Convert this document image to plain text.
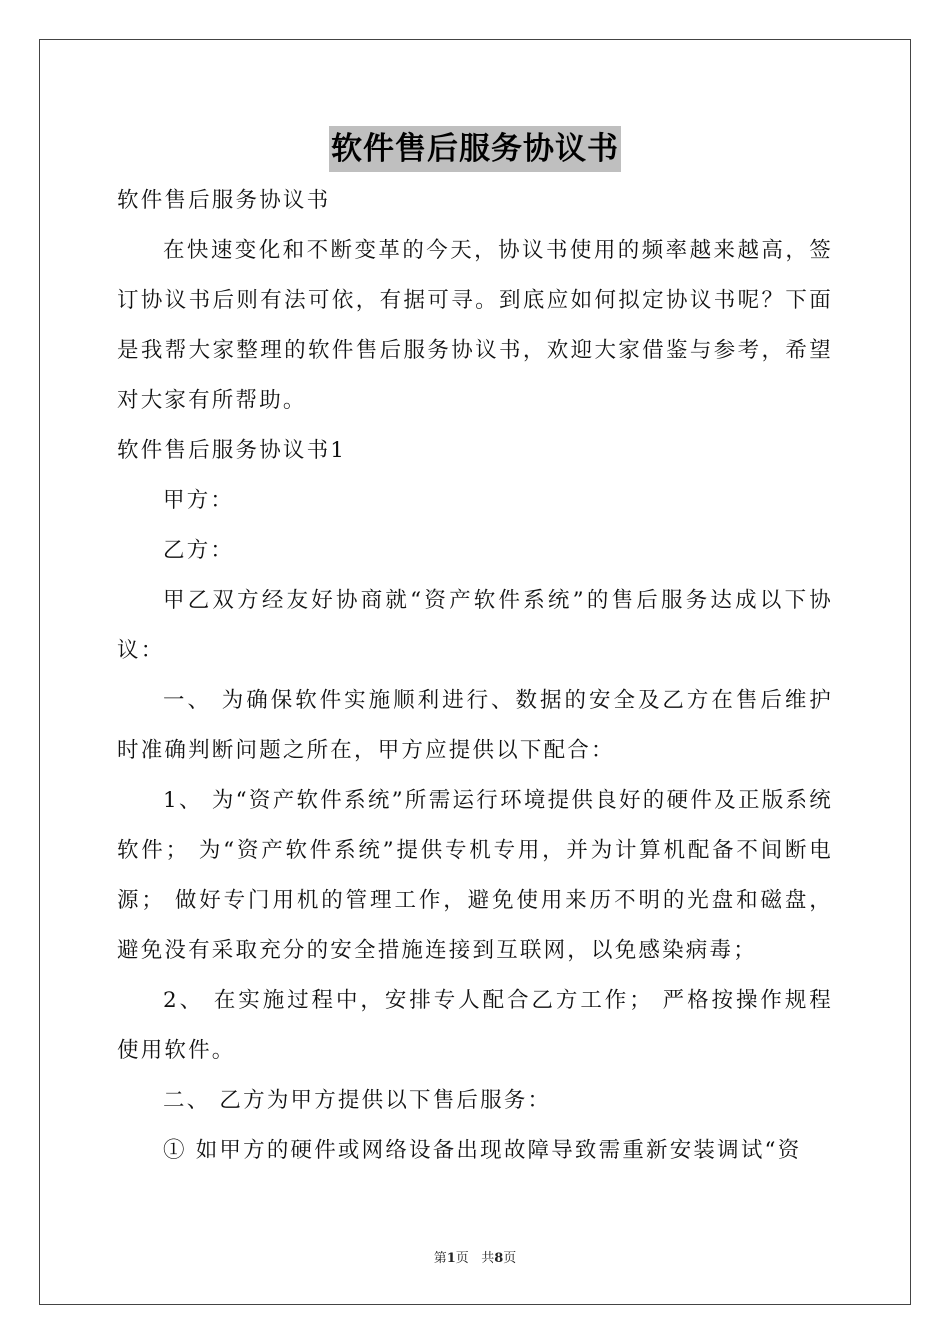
软件售后服务协议书

软件售后服务协议书

在快速变化和不断变革的今天，协议书使用的频率越来越高，签订协议书后则有法可依，有据可寻。到底应如何拟定协议书呢？下面是我帮大家整理的软件售后服务协议书，欢迎大家借鉴与参考，希望对大家有所帮助。

软件售后服务协议书1

甲方：

乙方：

甲乙双方经友好协商就“资产软件系统”的售后服务达成以下协议：

一、 为确保软件实施顺利进行、数据的安全及乙方在售后维护时准确判断问题之所在，甲方应提供以下配合：

1、 为“资产软件系统”所需运行环境提供良好的硬件及正版系统软件； 为“资产软件系统”提供专机专用，并为计算机配备不间断电源； 做好专门用机的管理工作，避免使用来历不明的光盘和磁盘，避免没有采取充分的安全措施连接到互联网，以免感染病毒；

2、 在实施过程中，安排专人配合乙方工作； 严格按操作规程使用软件。

二、 乙方为甲方提供以下售后服务：

① 如甲方的硬件或网络设备出现故障导致需重新安装调试“资

第1页 共8页
